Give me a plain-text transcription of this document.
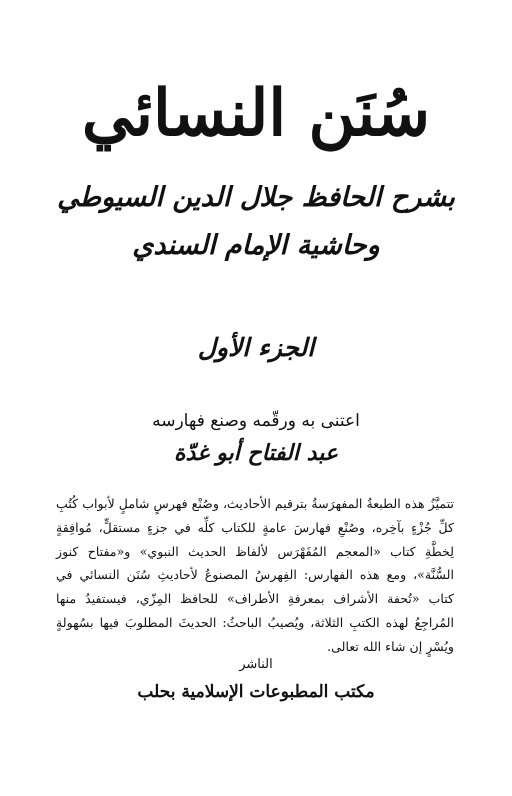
سُنَن النسائي
بشرح الحافظ جلال الدين السيوطي
وحاشية الإمام السندي
الجزء الأول
اعتنى به ورقّمه وصنع فهارسه
عبد الفتاح أبو غدّة
تتميَّزُ هذه الطبعةُ المفهرَسةُ بترقيم الأحاديث، وصُنْع فهرسٍ شاملٍ لأبواب كُتُبِ كلِّ جُزْءٍ بآخِره، وصُنْعِ فهارسَ عامةٍ للكتاب كلِّه في جزءٍ مستقلٍّ، مُوافِقةٍ لِخطَّةِ كتاب «المعجم المُفَهْرَس لألفاظ الحديث النبوي» و«مفتاح كنوز السُّنَّة»، ومع هذه الفهارس: الفِهرسُ المصنوعُ لأحاديثِ سُنَن النسائي في كتاب «تُحفة الأشراف بمعرفةِ الأطراف» للحافظ المِزّي، فيستفيدُ منها المُراجِعُ لهذه الكتبِ الثلاثة، ويُصيبُ الباحثُ: الحديثَ المطلوبَ فيها بسُهولةٍ ويُسْرٍ إن شاء الله تعالى.
الناشر
مكتب المطبوعات الإسلامية بحلب
